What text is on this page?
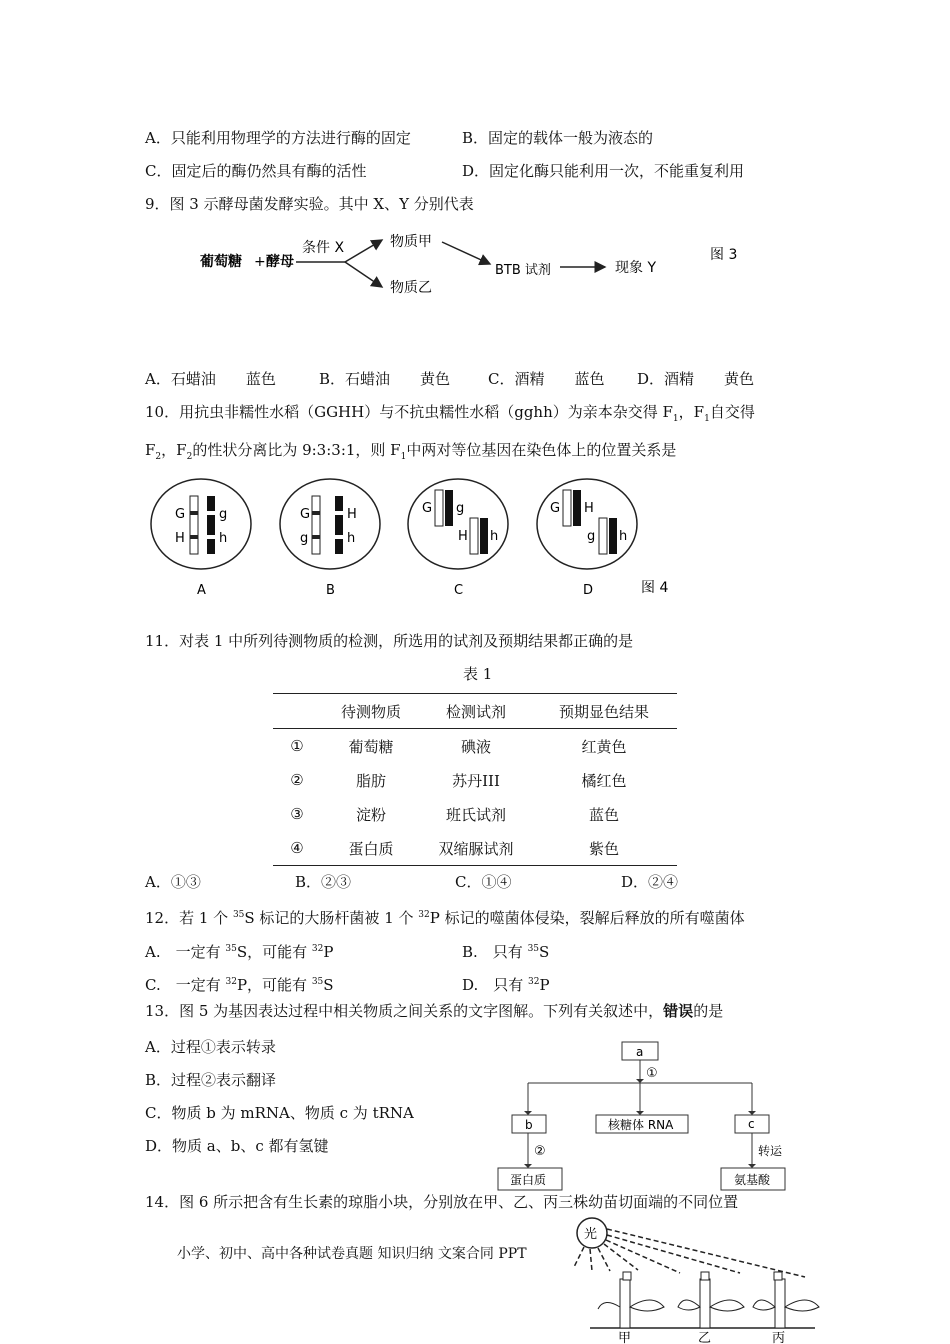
A．只能利用物理学的方法进行酶的固定	B．固定的载体一般为液态的
C．固定后的酶仍然具有酶的活性	D．固定化酶只能利用一次，不能重复利用
9．图 3 示酵母菌发酵实验。其中 X、Y 分别代表
葡萄糖 + 酵母
条件 X	物质甲
物质乙
BTB 试剂	现象 Y
图 3
A．石蜡油　　蓝色	B．石蜡油　　黄色	C．酒精　　蓝色 D．酒精　　黄色
10．用抗虫非糯性水稻（GGHH）与不抗虫糯性水稻（gghh）为亲本杂交得 $F_1$，$F_1$自交得
$F_2$，$F_2$的性状分离比为 9:3:3:1，则 $F_1$中两对等位基因在染色体上的位置关系是
G
H
g
h
A
G
g
H
h
B
G g
H h
C
G H
g h
D	图 4
11．对表 1 中所列待测物质的检测，所选用的试剂及预期结果都正确的是
表 1
	待测物质	检测试剂	预期显色结果
①	葡萄糖	碘液	红黄色
②	脂肪	苏丹III	橘红色
③	淀粉	班氏试剂	蓝色
④	蛋白质	双缩脲试剂	紫色
A．①③	B．②③	C．①④	D．②④
12．若 1 个 $^{35}$S 标记的大肠杆菌被 1 个 $^{32}$P 标记的噬菌体侵染，裂解后释放的所有噬菌体
A.　一定有 $^{35}$S，可能有 $^{32}$P	B.　只有 $^{35}$S
C.　一定有 $^{32}$P，可能有 $^{35}$S	D.　只有 $^{32}$P
13．图 5 为基因表达过程中相关物质之间关系的文字图解。下列有关叙述中，错误的是
A．过程①表示转录
B．过程②表示翻译
C．物质 b 为 mRNA、物质 c 为 tRNA
D．物质 a、b、c 都有氢键
a
①
b	核糖体 RNA	c
②	转运
蛋白质	氨基酸
14．图 6 所示把含有生长素的琼脂小块，分别放在甲、乙、丙三株幼苗切面端的不同位置
光
甲	乙	丙
小学、初中、高中各种试卷真题 知识归纳 文案合同 PPT
